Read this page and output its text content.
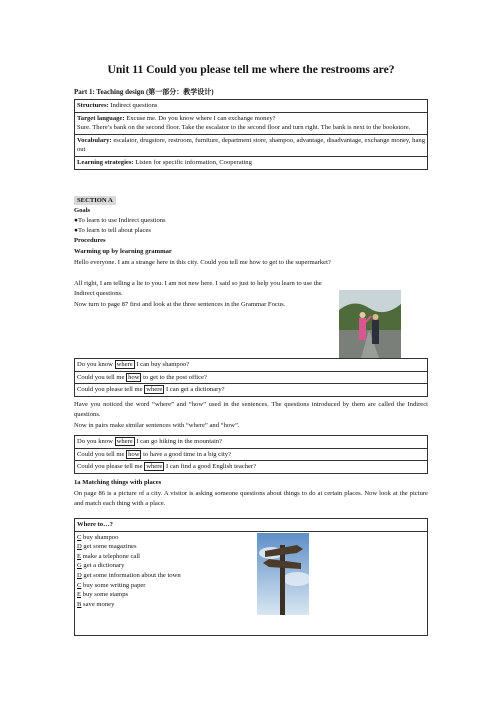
Unit 11 Could you please tell me where the restrooms are?
Part 1: Teaching design (第一部分：教学设计)
Structures: Indirect questions
Target language: Excuse me. Do you know where I can exchange money?
Sure. There’s bank on the second floor. Take the escalator to the second floor and turn right. The bank is next to the bookstore.
Vocabulary: escalator, drugstore, restroom, furniture, department store, shampoo, advantage, disadvantage, exchange money, hang out
Learning strategies: Listen for specific information, Cooperating
SECTION A
Goals
●To learn to use Indirect questions
●To learn to tell about places
Procedures
Warming up by learning grammar
Hello everyone. I am a strange here in this city. Could you tell me how to get to the supermarket?
All right, I am telling a lie to you. I am not new here. I said so just to help you learn to use the Indirect questions.
Now turn to page 87 first and look at the three sentences in the Grammar Focus.
Do you know where I can buy shampoo?
Could you tell me how to get to the post office?
Could you please tell me where I can get a dictionary?
Have you noticed the word “where” and “how” used in the sentences. The questions introduced by them are called the Indirect questions.
Now in pairs make similar sentences with “where” and “how”.
Do you know where I can go hiking in the mountain?
Could you tell me how to have a good time in a big city?
Could you please tell me where I can find a good English teacher?
1a Matching things with places
On page 86 is a picture of a city. A visitor is asking someone questions about things to do at certain places. Now look at the picture and match each thing with a place.
Where to…?
C buy shampoo
D get some magazines
E make a telephone call
G get a dictionary
D get some information about the town
C buy some writing paper
E buy some stamps
B save money
